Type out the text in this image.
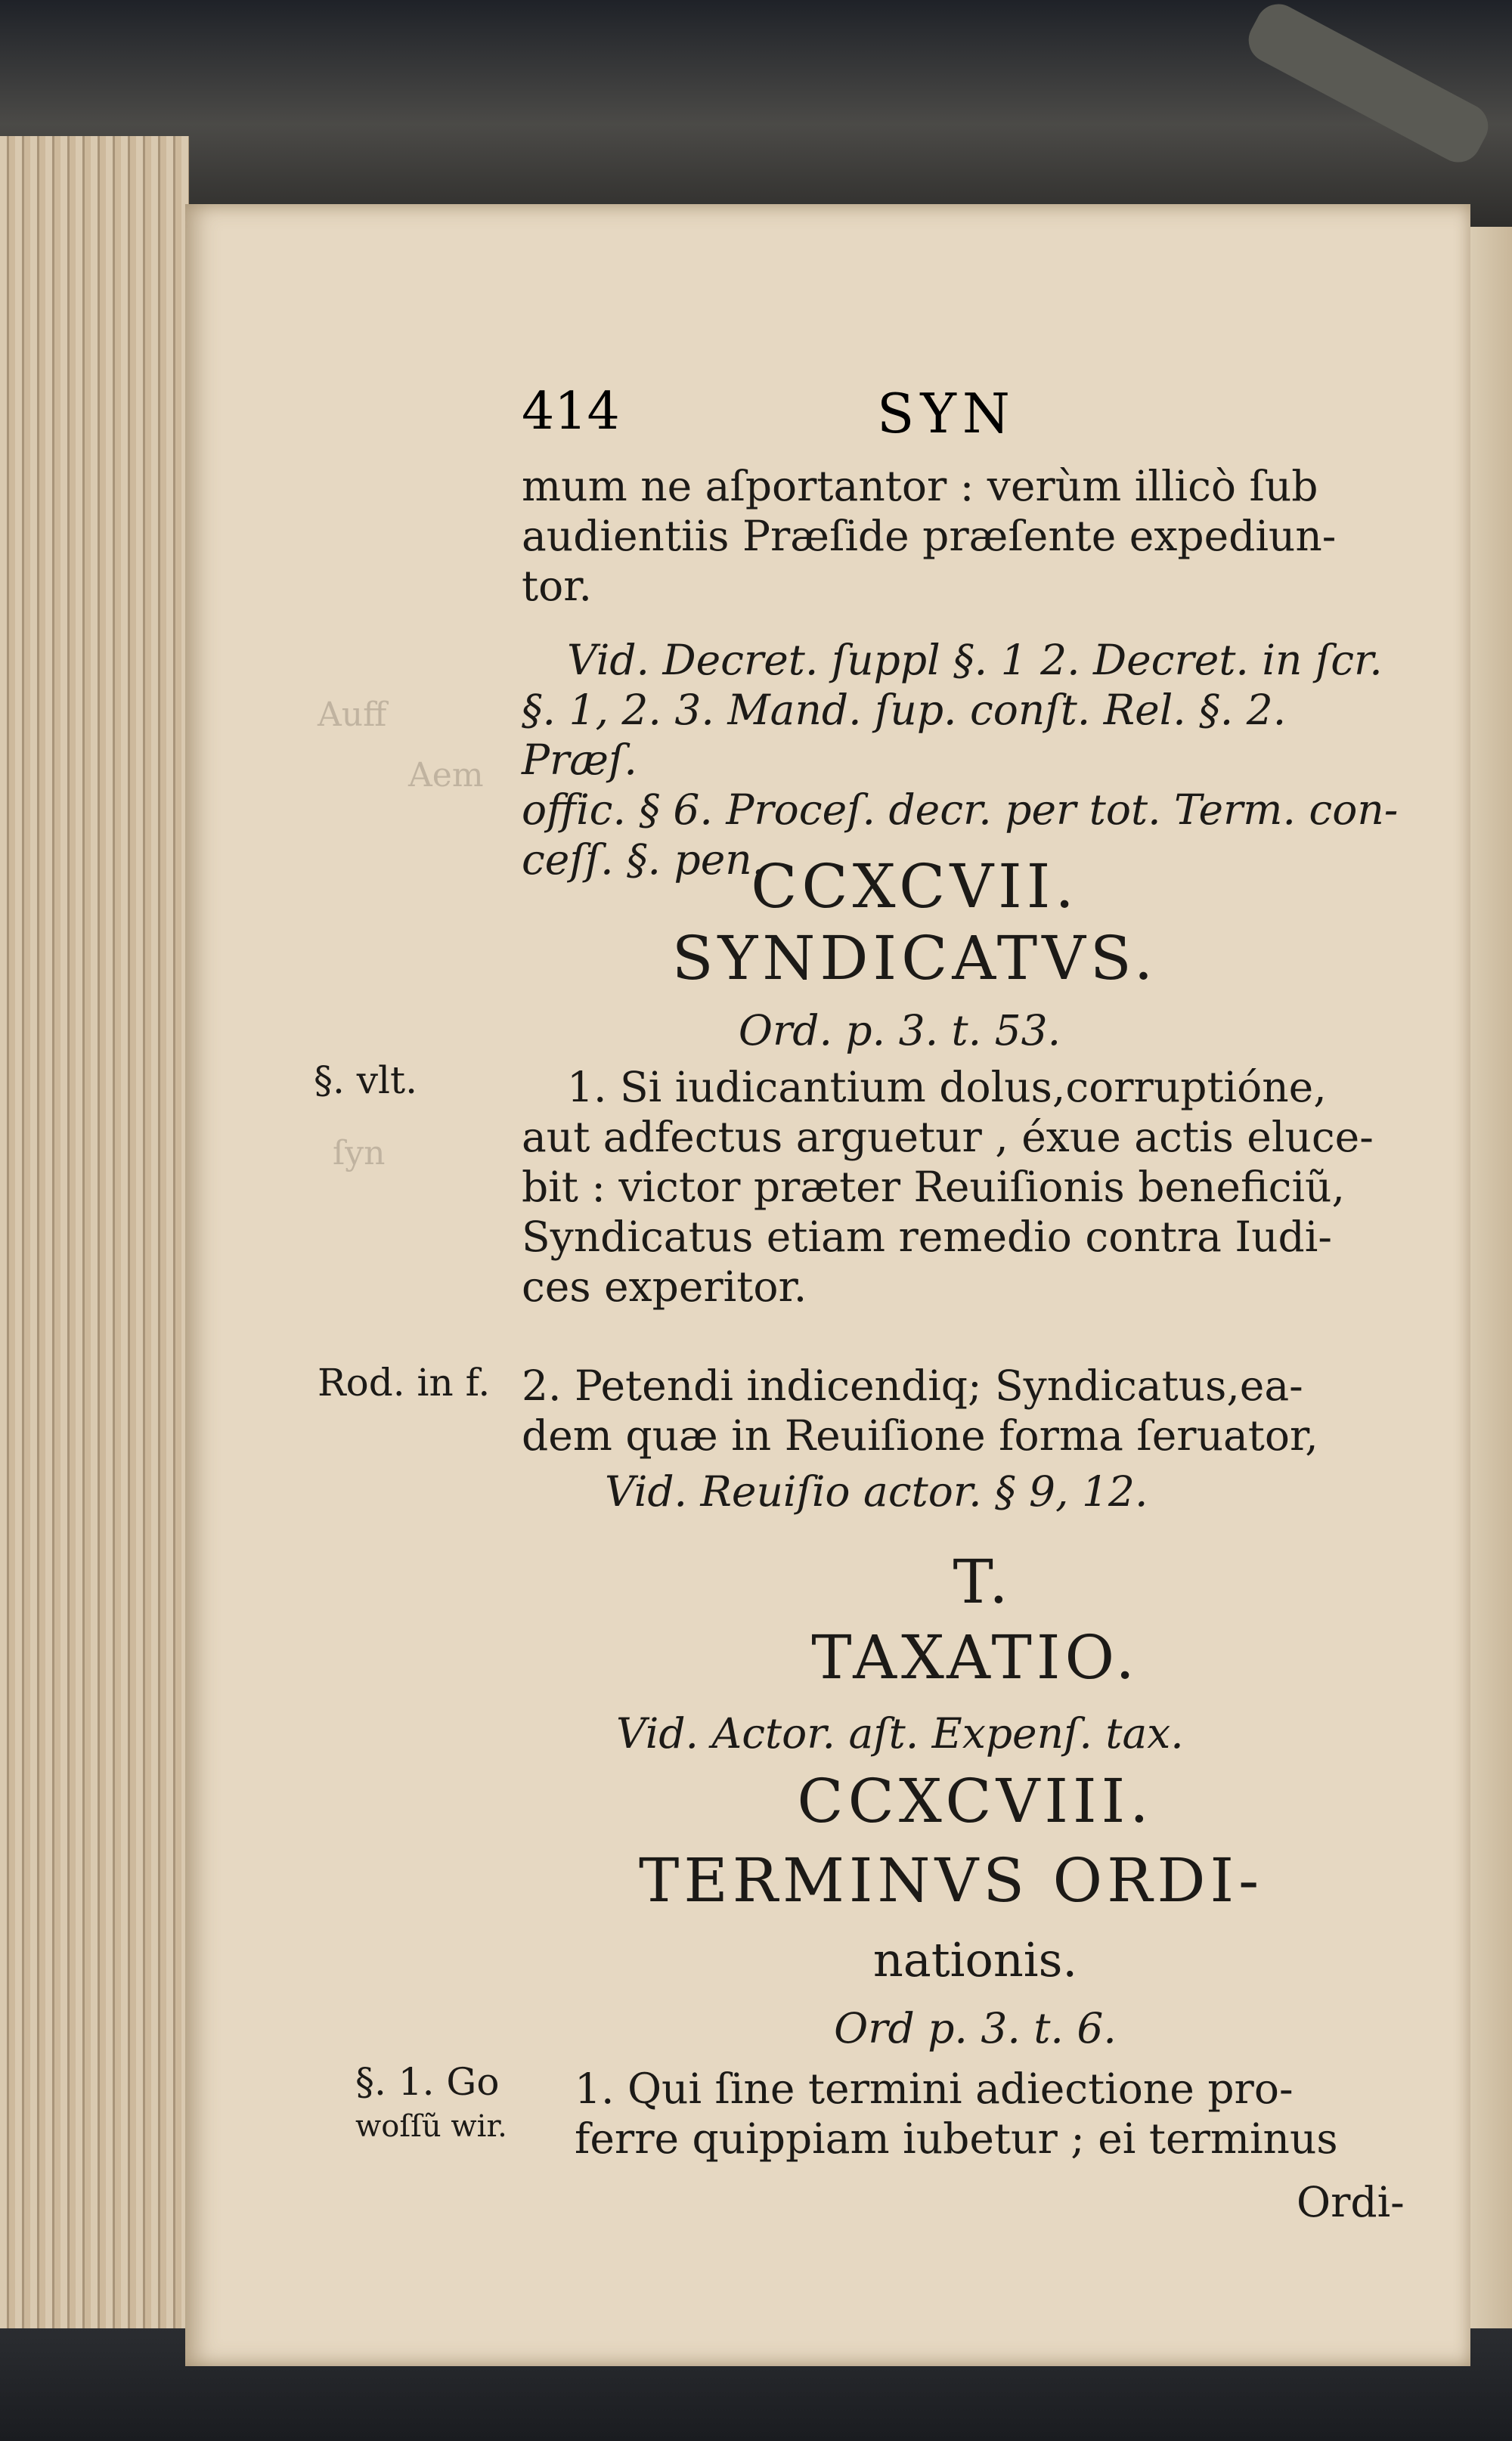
414	SYN
mum ne aſportantor : verùm illicò ſub
audientiis Præſide præſente expediun-
tor.
Vid. Decret. ſuppl §. 1 2. Decret. in ſcr.
§. 1, 2. 3. Mand. ſup. conſt. Rel. §. 2. Præſ.
offic. § 6. Proceſ. decr. per tot. Term. con-
ceſſ. §. pen.
CCXCVII.
SYNDICATVS.
Ord. p. 3. t. 53.
§. vlt.	1. Si iudicantium dolus,corruptióne,
aut adfectus arguetur , éxue actis eluce-
bit : victor præter Reuiſionis beneficiũ,
Syndicatus etiam remedio contra Iudi-
ces experitor.
Rod. in f. 2. Petendi indicendiq; Syndicatus,ea-
dem quæ in Reuiſione forma ſeruator,
Vid. Reuiſio actor. § 9, 12.
T.
TAXATIO.
Vid. Actor. aſt. Expenſ. tax.
CCXCVIII.
TERMINVS ORDI-
nationis.
Ord p. 3. t. 6.
§. 1. Go
woſſũ wir.
1. Qui ſine termini adiectione pro-
ferre quippiam iubetur ; ei terminus
Ordi-
Auff
Aem
ſyn
